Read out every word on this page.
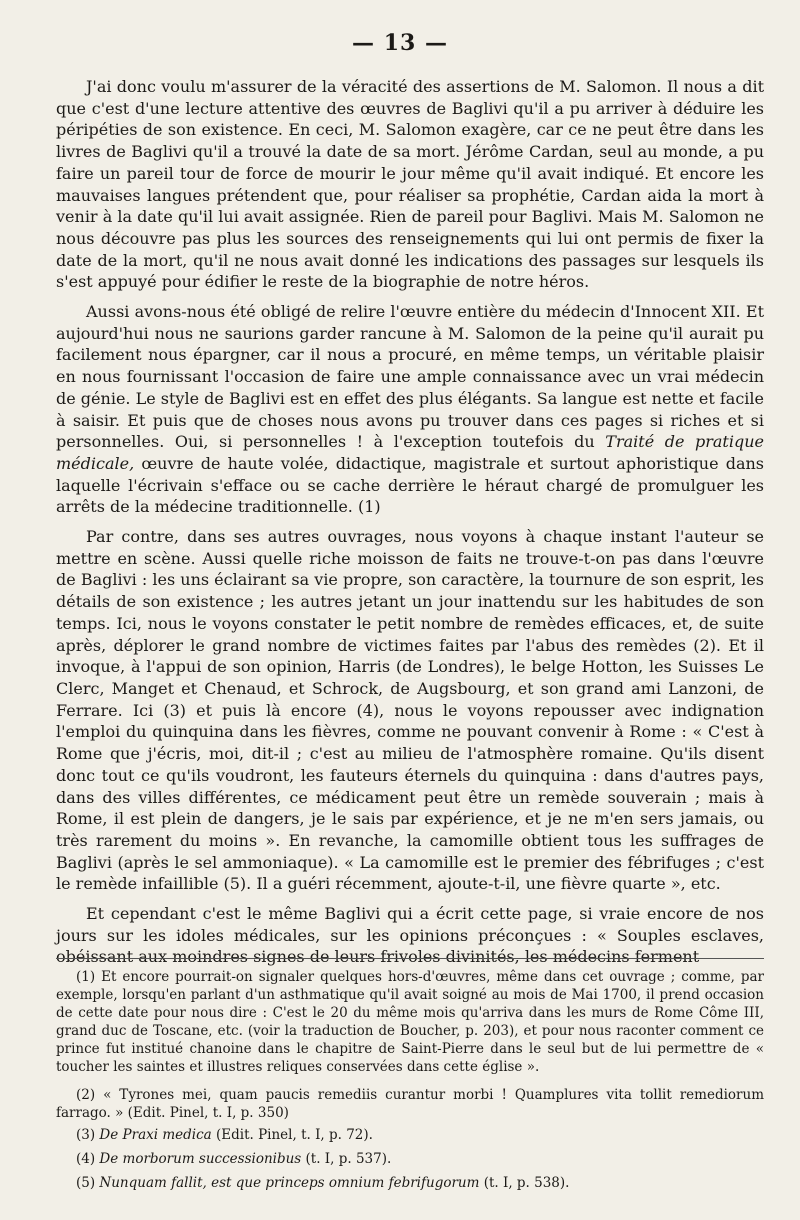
— 13 —

J'ai donc voulu m'assurer de la véracité des assertions de M. Salomon. Il nous a dit que c'est d'une lecture attentive des œuvres de Baglivi qu'il a pu arriver à déduire les péripéties de son existence. En ceci, M. Salomon exagère, car ce ne peut être dans les livres de Baglivi qu'il a trouvé la date de sa mort. Jérôme Cardan, seul au monde, a pu faire un pareil tour de force de mourir le jour même qu'il avait indiqué. Et encore les mauvaises langues prétendent que, pour réaliser sa prophétie, Cardan aida la mort à venir à la date qu'il lui avait assignée. Rien de pareil pour Baglivi. Mais M. Salomon ne nous découvre pas plus les sources des renseignements qui lui ont permis de fixer la date de la mort, qu'il ne nous avait donné les indications des passages sur lesquels ils s'est appuyé pour édifier le reste de la biographie de notre héros.

Aussi avons-nous été obligé de relire l'œuvre entière du médecin d'Innocent XII. Et aujourd'hui nous ne saurions garder rancune à M. Salomon de la peine qu'il aurait pu facilement nous épargner, car il nous a procuré, en même temps, un véritable plaisir en nous fournissant l'occasion de faire une ample connaissance avec un vrai médecin de génie. Le style de Baglivi est en effet des plus élégants. Sa langue est nette et facile à saisir. Et puis que de choses nous avons pu trouver dans ces pages si riches et si personnelles. Oui, si personnelles ! à l'exception toutefois du Traité de pratique médicale, œuvre de haute volée, didactique, magistrale et surtout aphoristique dans laquelle l'écrivain s'efface ou se cache derrière le héraut chargé de promulguer les arrêts de la médecine traditionnelle. (1)

Par contre, dans ses autres ouvrages, nous voyons à chaque instant l'auteur se mettre en scène. Aussi quelle riche moisson de faits ne trouve-t-on pas dans l'œuvre de Baglivi : les uns éclairant sa vie propre, son caractère, la tournure de son esprit, les détails de son existence ; les autres jetant un jour inattendu sur les habitudes de son temps. Ici, nous le voyons constater le petit nombre de remèdes efficaces, et, de suite après, déplorer le grand nombre de victimes faites par l'abus des remèdes (2). Et il invoque, à l'appui de son opinion, Harris (de Londres), le belge Hotton, les Suisses Le Clerc, Manget et Chenaud, et Schrock, de Augsbourg, et son grand ami Lanzoni, de Ferrare. Ici (3) et puis là encore (4), nous le voyons repousser avec indignation l'emploi du quinquina dans les fièvres, comme ne pouvant convenir à Rome : « C'est à Rome que j'écris, moi, dit-il ; c'est au milieu de l'atmosphère romaine. Qu'ils disent donc tout ce qu'ils voudront, les fauteurs éternels du quinquina : dans d'autres pays, dans des villes différentes, ce médicament peut être un remède souverain ; mais à Rome, il est plein de dangers, je le sais par expérience, et je ne m'en sers jamais, ou très rarement du moins ». En revanche, la camomille obtient tous les suffrages de Baglivi (après le sel ammoniaque). « La camomille est le premier des fébrifuges ; c'est le remède infaillible (5). Il a guéri récemment, ajoute-t-il, une fièvre quarte », etc.

Et cependant c'est le même Baglivi qui a écrit cette page, si vraie encore de nos jours sur les idoles médicales, sur les opinions préconçues : « Souples esclaves, obéissant aux moindres signes de leurs frivoles divinités, les médecins ferment

(1) Et encore pourrait-on signaler quelques hors-d'œuvres, même dans cet ouvrage ; comme, par exemple, lorsqu'en parlant d'un asthmatique qu'il avait soigné au mois de Mai 1700, il prend occasion de cette date pour nous dire : C'est le 20 du même mois qu'arriva dans les murs de Rome Côme III, grand duc de Toscane, etc. (voir la traduction de Boucher, p. 203), et pour nous raconter comment ce prince fut institué chanoine dans le chapitre de Saint-Pierre dans le seul but de lui permettre de « toucher les saintes et illustres reliques conservées dans cette église ».

(2) « Tyrones mei, quam paucis remediis curantur morbi ! Quamplures vita tollit remediorum farrago. » (Edit. Pinel, t. I, p. 350)

(3) De Praxi medica (Edit. Pinel, t. I, p. 72).

(4) De morborum successionibus (t. I, p. 537).

(5) Nunquam fallit, est que princeps omnium febrifugorum (t. I, p. 538).
